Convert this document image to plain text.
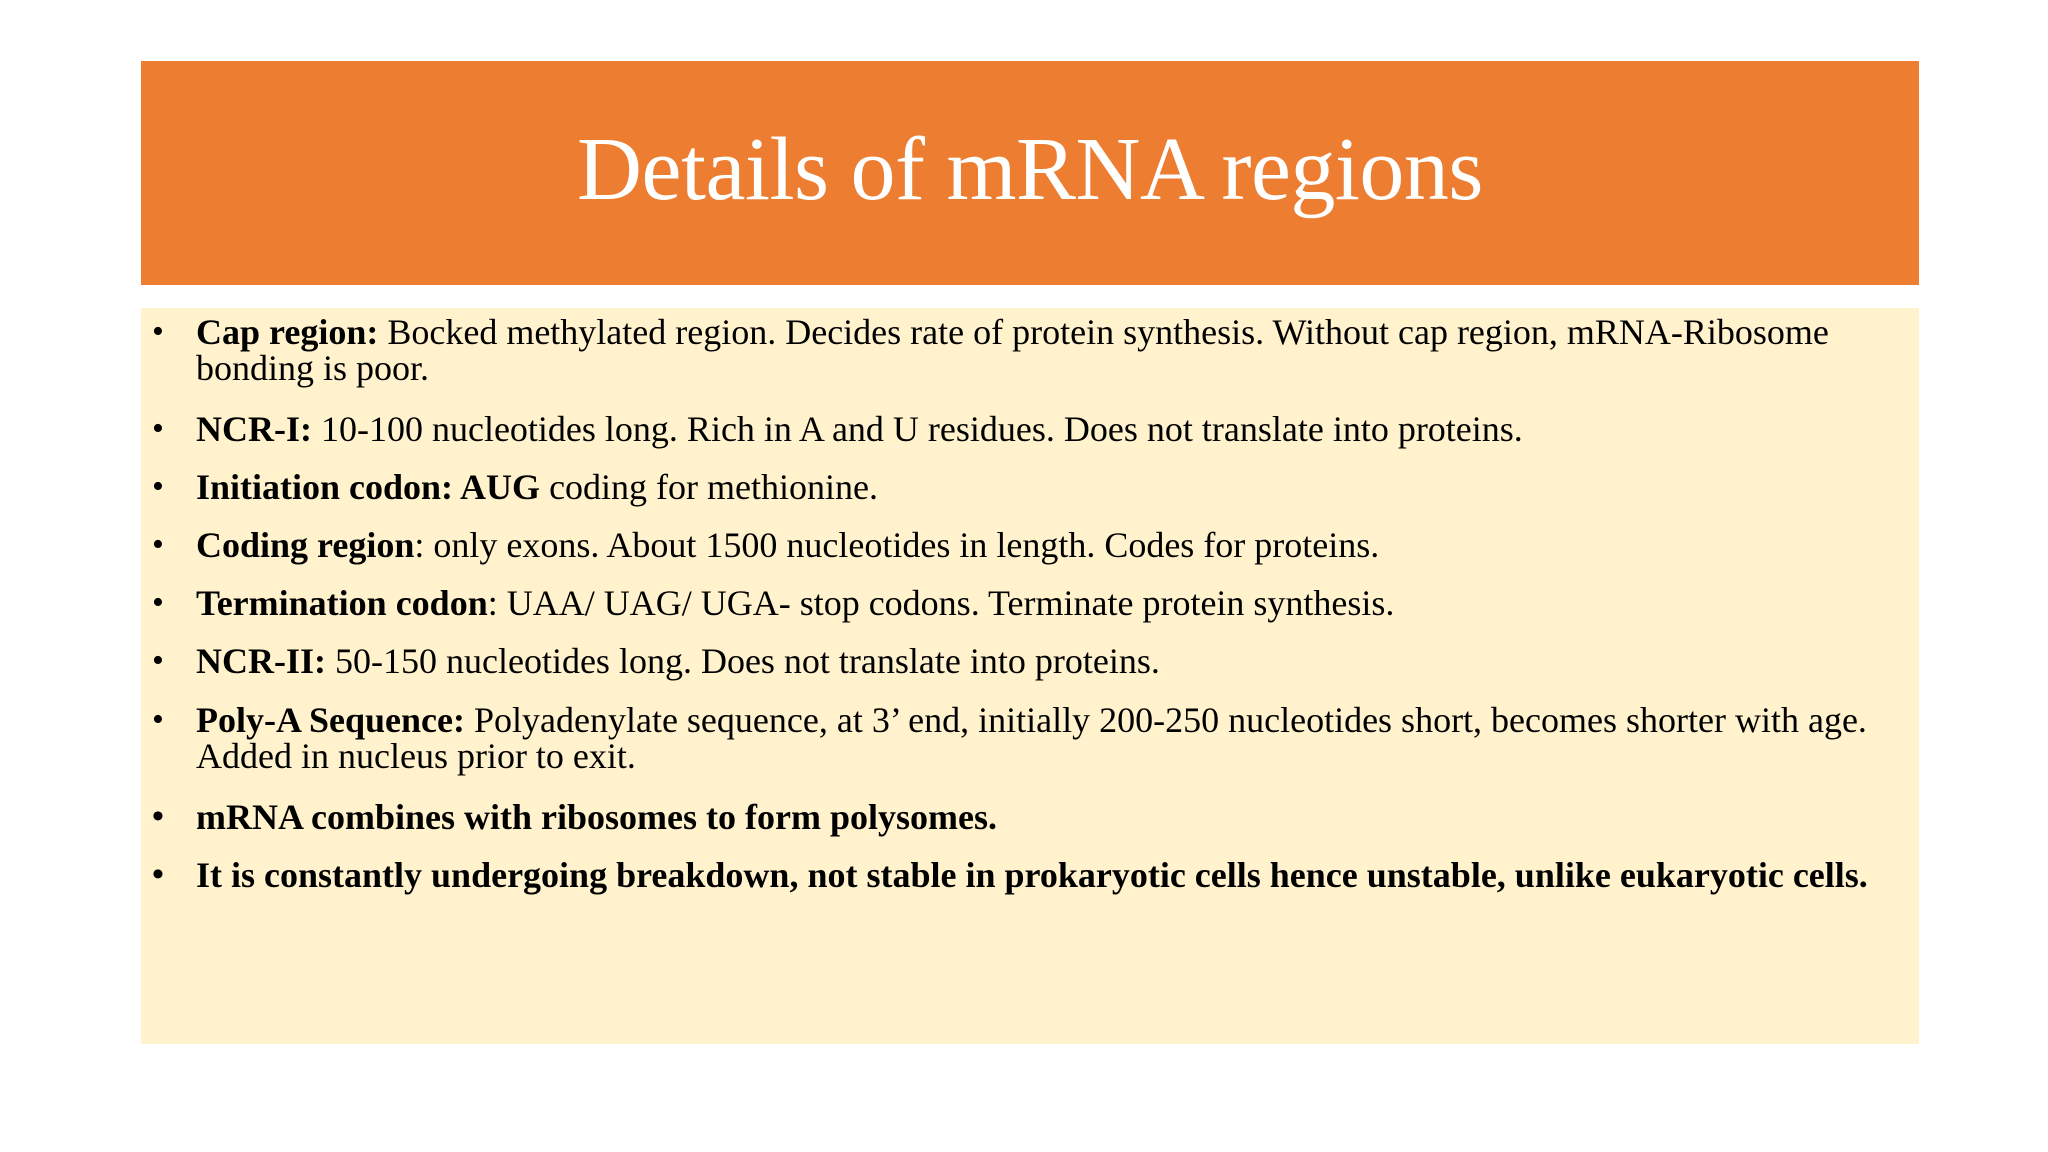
Details of mRNA regions
• Cap region: Bocked methylated region. Decides rate of protein synthesis. Without cap region, mRNA-Ribosome bonding is poor.
• NCR-I: 10-100 nucleotides long. Rich in A and U residues. Does not translate into proteins.
• Initiation codon: AUG coding for methionine.
• Coding region: only exons. About 1500 nucleotides in length. Codes for proteins.
• Termination codon: UAA/ UAG/ UGA- stop codons. Terminate protein synthesis.
• NCR-II: 50-150 nucleotides long. Does not translate into proteins.
• Poly-A Sequence: Polyadenylate sequence, at 3’ end, initially 200-250 nucleotides short, becomes shorter with age. Added in nucleus prior to exit.
• mRNA combines with ribosomes to form polysomes.
• It is constantly undergoing breakdown, not stable in prokaryotic cells hence unstable, unlike eukaryotic cells.
